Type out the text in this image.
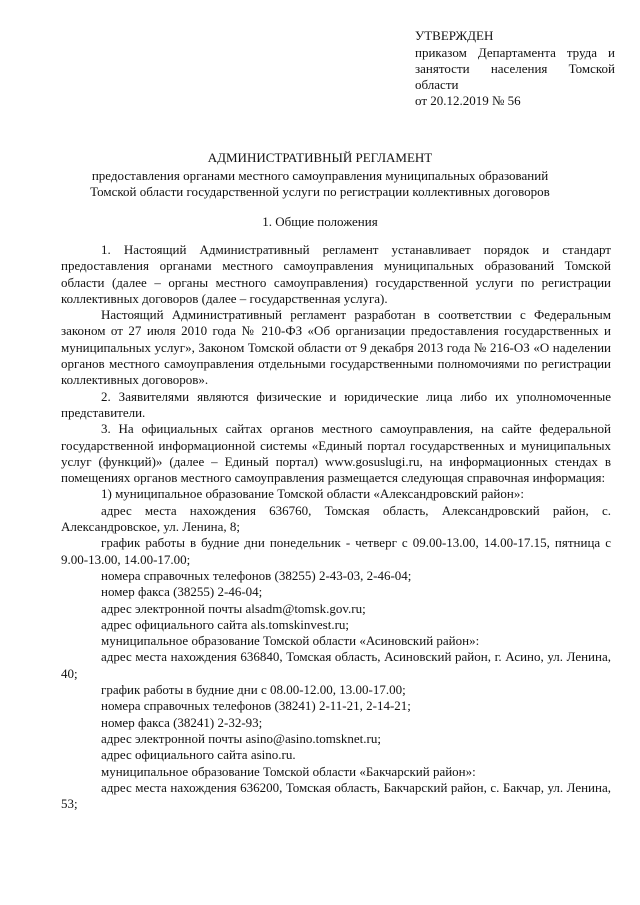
УТВЕРЖДЕН
приказом Департамента труда и
занятости населения Томской
области
от 20.12.2019 № 56
АДМИНИСТРАТИВНЫЙ РЕГЛАМЕНТ
предоставления органами местного самоуправления муниципальных образований
Томской области государственной услуги по регистрации коллективных договоров
1. Общие положения

1. Настоящий Административный регламент устанавливает порядок и стандарт предоставления органами местного самоуправления муниципальных образований Томской области (далее – органы местного самоуправления) государственной услуги по регистрации коллективных договоров (далее – государственная услуга).

Настоящий Административный регламент разработан в соответствии с Федеральным законом от 27 июля 2010 года № 210-ФЗ «Об организации предоставления государственных и муниципальных услуг», Законом Томской области от 9 декабря 2013 года № 216-ОЗ «О наделении органов местного самоуправления отдельными государственными полномочиями по регистрации коллективных договоров».

2. Заявителями являются физические и юридические лица либо их уполномоченные представители.

3. На официальных сайтах органов местного самоуправления, на сайте федеральной государственной информационной системы «Единый портал государственных и муниципальных услуг (функций)» (далее – Единый портал) www.gosuslugi.ru, на информационных стендах в помещениях органов местного самоуправления размещается следующая справочная информация:

1) муниципальное образование Томской области «Александровский район»:

адрес места нахождения 636760, Томская область, Александровский район, с. Александровское, ул. Ленина, 8;

график работы в будние дни понедельник - четверг с 09.00-13.00, 14.00-17.15, пятница с 9.00-13.00, 14.00-17.00;

номера справочных телефонов (38255) 2-43-03, 2-46-04;

номер факса (38255) 2-46-04;

адрес электронной почты alsadm@tomsk.gov.ru;

адрес официального сайта als.tomskinvest.ru;

муниципальное образование Томской области «Асиновский район»:

адрес места нахождения 636840, Томская область, Асиновский район, г. Асино, ул. Ленина, 40;

график работы в будние дни с 08.00-12.00, 13.00-17.00;

номера справочных телефонов (38241) 2-11-21, 2-14-21;

номер факса (38241) 2-32-93;

адрес электронной почты asino@asino.tomsknet.ru;

адрес официального сайта asino.ru.

муниципальное образование Томской области «Бакчарский район»:

адрес места нахождения 636200, Томская область, Бакчарский район, с. Бакчар, ул. Ленина, 53;
